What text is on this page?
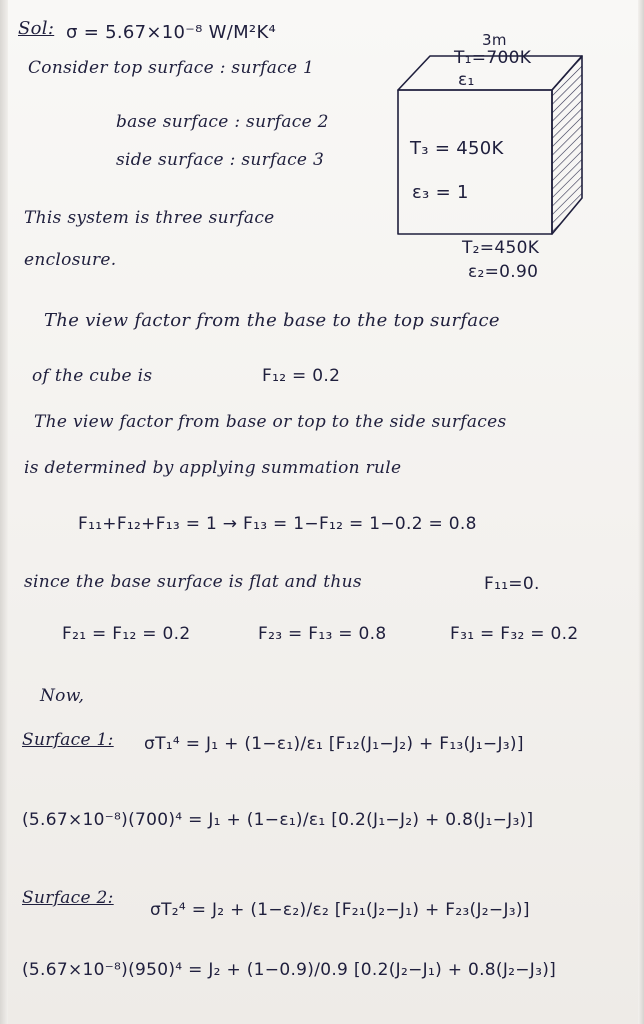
Sol: σ = 5.67×10⁻⁸ W/M²K⁴
Consider top surface : surface 1
base surface : surface 2
side surface : surface 3
This system is three surface
enclosure.
3m
T₁=700K
ε₁
T₃ = 450K
ε₃ = 1
T₂=450K
ε₂=0.90
The view factor from the base to the top surface
of the cube is	F₁₂ = 0.2
The view factor from base or top to the side surfaces
is determined by applying summation rule
F₁₁+F₁₂+F₁₃ = 1 → F₁₃ = 1−F₁₂ = 1−0.2 = 0.8
since the base surface is flat and thus	F₁₁=0.
F₂₁ = F₁₂ = 0.2	F₂₃ = F₁₃ = 0.8	F₃₁ = F₃₂ = 0.2
Now,
Surface 1: σT₁⁴ = J₁ + (1−ε₁)/ε₁ [F₁₂(J₁−J₂) + F₁₃(J₁−J₃)]
(5.67×10⁻⁸)(700)⁴ = J₁ + (1−ε₁)/ε₁ [0.2(J₁−J₂) + 0.8(J₁−J₃)]
Surface 2:
σT₂⁴ = J₂ + (1−ε₂)/ε₂ [F₂₁(J₂−J₁) + F₂₃(J₂−J₃)]
(5.67×10⁻⁸)(950)⁴ = J₂ + (1−0.9)/0.9 [0.2(J₂−J₁) + 0.8(J₂−J₃)]
